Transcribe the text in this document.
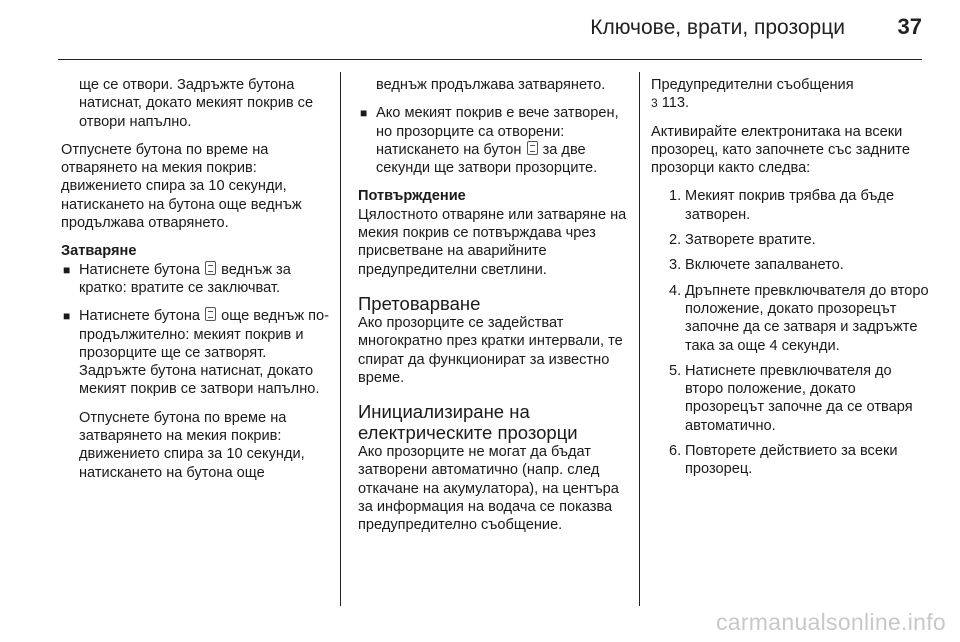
Ключове, врати, прозорци 37

ще се отвори. Задръжте бутона натиснат, докато мекият покрив се отвори напълно.

Отпуснете бутона по време на отварянето на мекия покрив: движението спира за 10 секунди, натискането на бутона още веднъж продължава отварянето.

Затваряне

■ Натиснете бутона  веднъж за кратко: вратите се заключват.

■ Натиснете бутона  още веднъж по-продължително: мекият покрив и прозорците ще се затворят. Задръжте бутона натиснат, докато мекият покрив се затвори напълно.

Отпуснете бутона по време на затварянето на мекия покрив: движението спира за 10 секунди, натискането на бутона още

веднъж продължава затварянето.

■ Ако мекият покрив е вече затворен, но прозорците са отворени: натискането на бутон  за две секунди ще затвори прозорците.

Потвърждение

Цялостното отваряне или затваряне на мекия покрив се потвърждава чрез присветване на аварийните предупредителни светлини.

Претоварване

Ако прозорците се задействат многократно през кратки интервали, те спират да функционират за известно време.

Инициализиране на електрическите прозорци

Ако прозорците не могат да бъдат затворени автоматично (напр. след откачане на акумулатора), на центъра за информация на водача се показва предупредително съобщение.

Предупредителни съобщения

3 113.

Активирайте електронитака на всеки прозорец, като започнете със задните прозорци както следва:

1. Мекият покрив трябва да бъде затворен.

2. Затворете вратите.

3. Включете запалването.

4. Дръпнете превключвателя до второ положение, докато прозорецът започне да се затваря и задръжте така за още 4 секунди.

5. Натиснете превключвателя до второ положение, докато прозорецът започне да се отваря автоматично.

6. Повторете действието за всеки прозорец.

carmanualsonline.info
